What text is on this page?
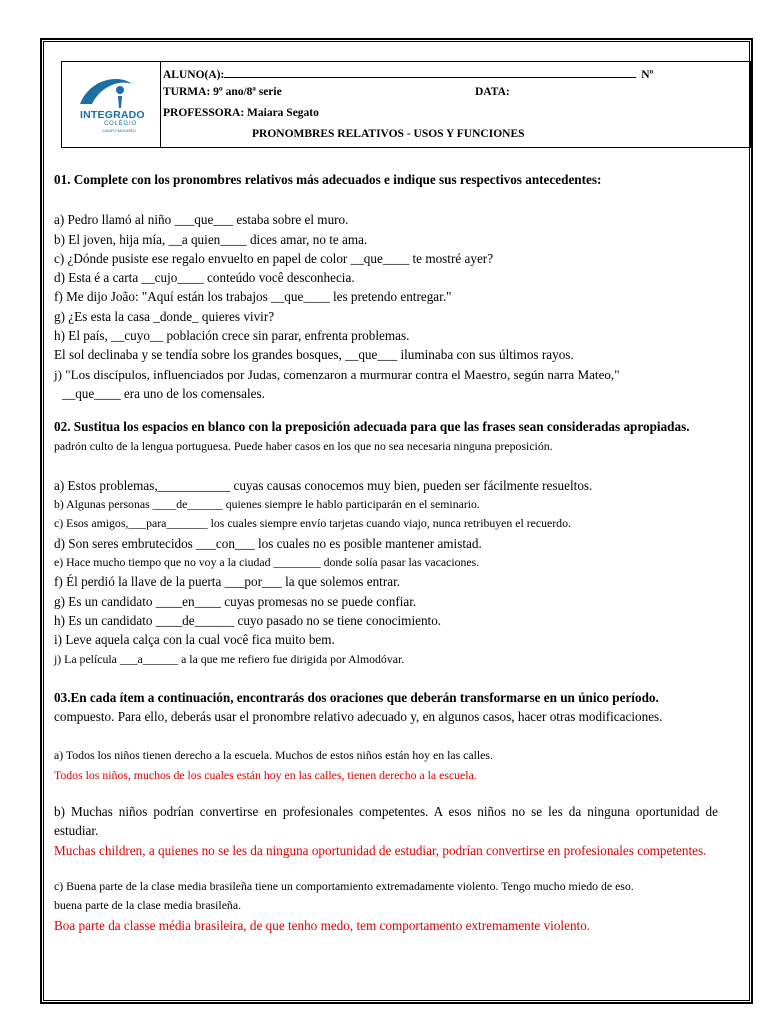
INTEGRADO
COLÉGIO
CAMPO MOURÃO
ALUNO(A):	Nº
TURMA: 9º ano/8ª serie	DATA:
PROFESSORA: Maiara Segato
PRONOMBRES RELATIVOS - USOS Y FUNCIONES

01. Complete con los pronombres relativos más adecuados e indique sus respectivos antecedentes:

a) Pedro llamó al niño ___que___ estaba sobre el muro.

b) El joven, hija mía, __a quien____ dices amar, no te ama.

c) ¿Dónde pusiste ese regalo envuelto en papel de color __que____ te mostré ayer?

d) Esta é a carta __cujo____ conteúdo você desconhecia.

f) Me dijo João: "Aquí están los trabajos __que____ les pretendo entregar."

g) ¿Es esta la casa _donde_ quieres vivir?

h) El país, __cuyo__ población crece sin parar, enfrenta problemas.

El sol declinaba y se tendía sobre los grandes bosques, __que___ iluminaba con sus últimos rayos.

j) "Los discípulos, influenciados por Judas, comenzaron a murmurar contra el Maestro, según narra Mateo,"

__que____ era uno de los comensales.

02. Sustitua los espacios en blanco con la preposición adecuada para que las frases sean consideradas apropiadas.

padrón culto de la lengua portuguesa. Puede haber casos en los que no sea necesaria ninguna preposición.

a) Estos problemas,___________ cuyas causas conocemos muy bien, pueden ser fácilmente resueltos.

b) Algunas personas ____de______ quienes siempre le hablo participarán en el seminario.

c) Esos amigos,___para_______ los cuales siempre envío tarjetas cuando viajo, nunca retribuyen el recuerdo.

d) Son seres embrutecidos ___con___ los cuales no es posible mantener amistad.

e) Hace mucho tiempo que no voy a la ciudad ________ donde solía pasar las vacaciones.

f) Él perdió la llave de la puerta ___por___ la que solemos entrar.

g) Es un candidato ____en____ cuyas promesas no se puede confiar.

h) Es un candidato ____de______ cuyo pasado no se tiene conocimiento.

i) Leve aquela calça con la cual você fica muito bem.

j) La película ___a______ a la que me refiero fue dirigida por Almodóvar.

03.En cada ítem a continuación, encontrarás dos oraciones que deberán transformarse en un único período.

compuesto. Para ello, deberás usar el pronombre relativo adecuado y, en algunos casos, hacer otras modificaciones.

a) Todos los niños tienen derecho a la escuela. Muchos de estos niños están hoy en las calles.

Todos los niños, muchos de los cuales están hoy en las calles, tienen derecho a la escuela.

b) Muchas niños podrían convertirse en profesionales competentes. A esos niños no se les da ninguna oportunidad de estudiar.

Muchas children, a quienes no se les da ninguna oportunidad de estudiar, podrían convertirse en profesionales competentes.

c) Buena parte de la clase media brasileña tiene un comportamiento extremadamente violento. Tengo mucho miedo de eso.

buena parte de la clase media brasileña.

Boa parte da classe média brasileira, de que tenho medo, tem comportamento extremamente violento.
